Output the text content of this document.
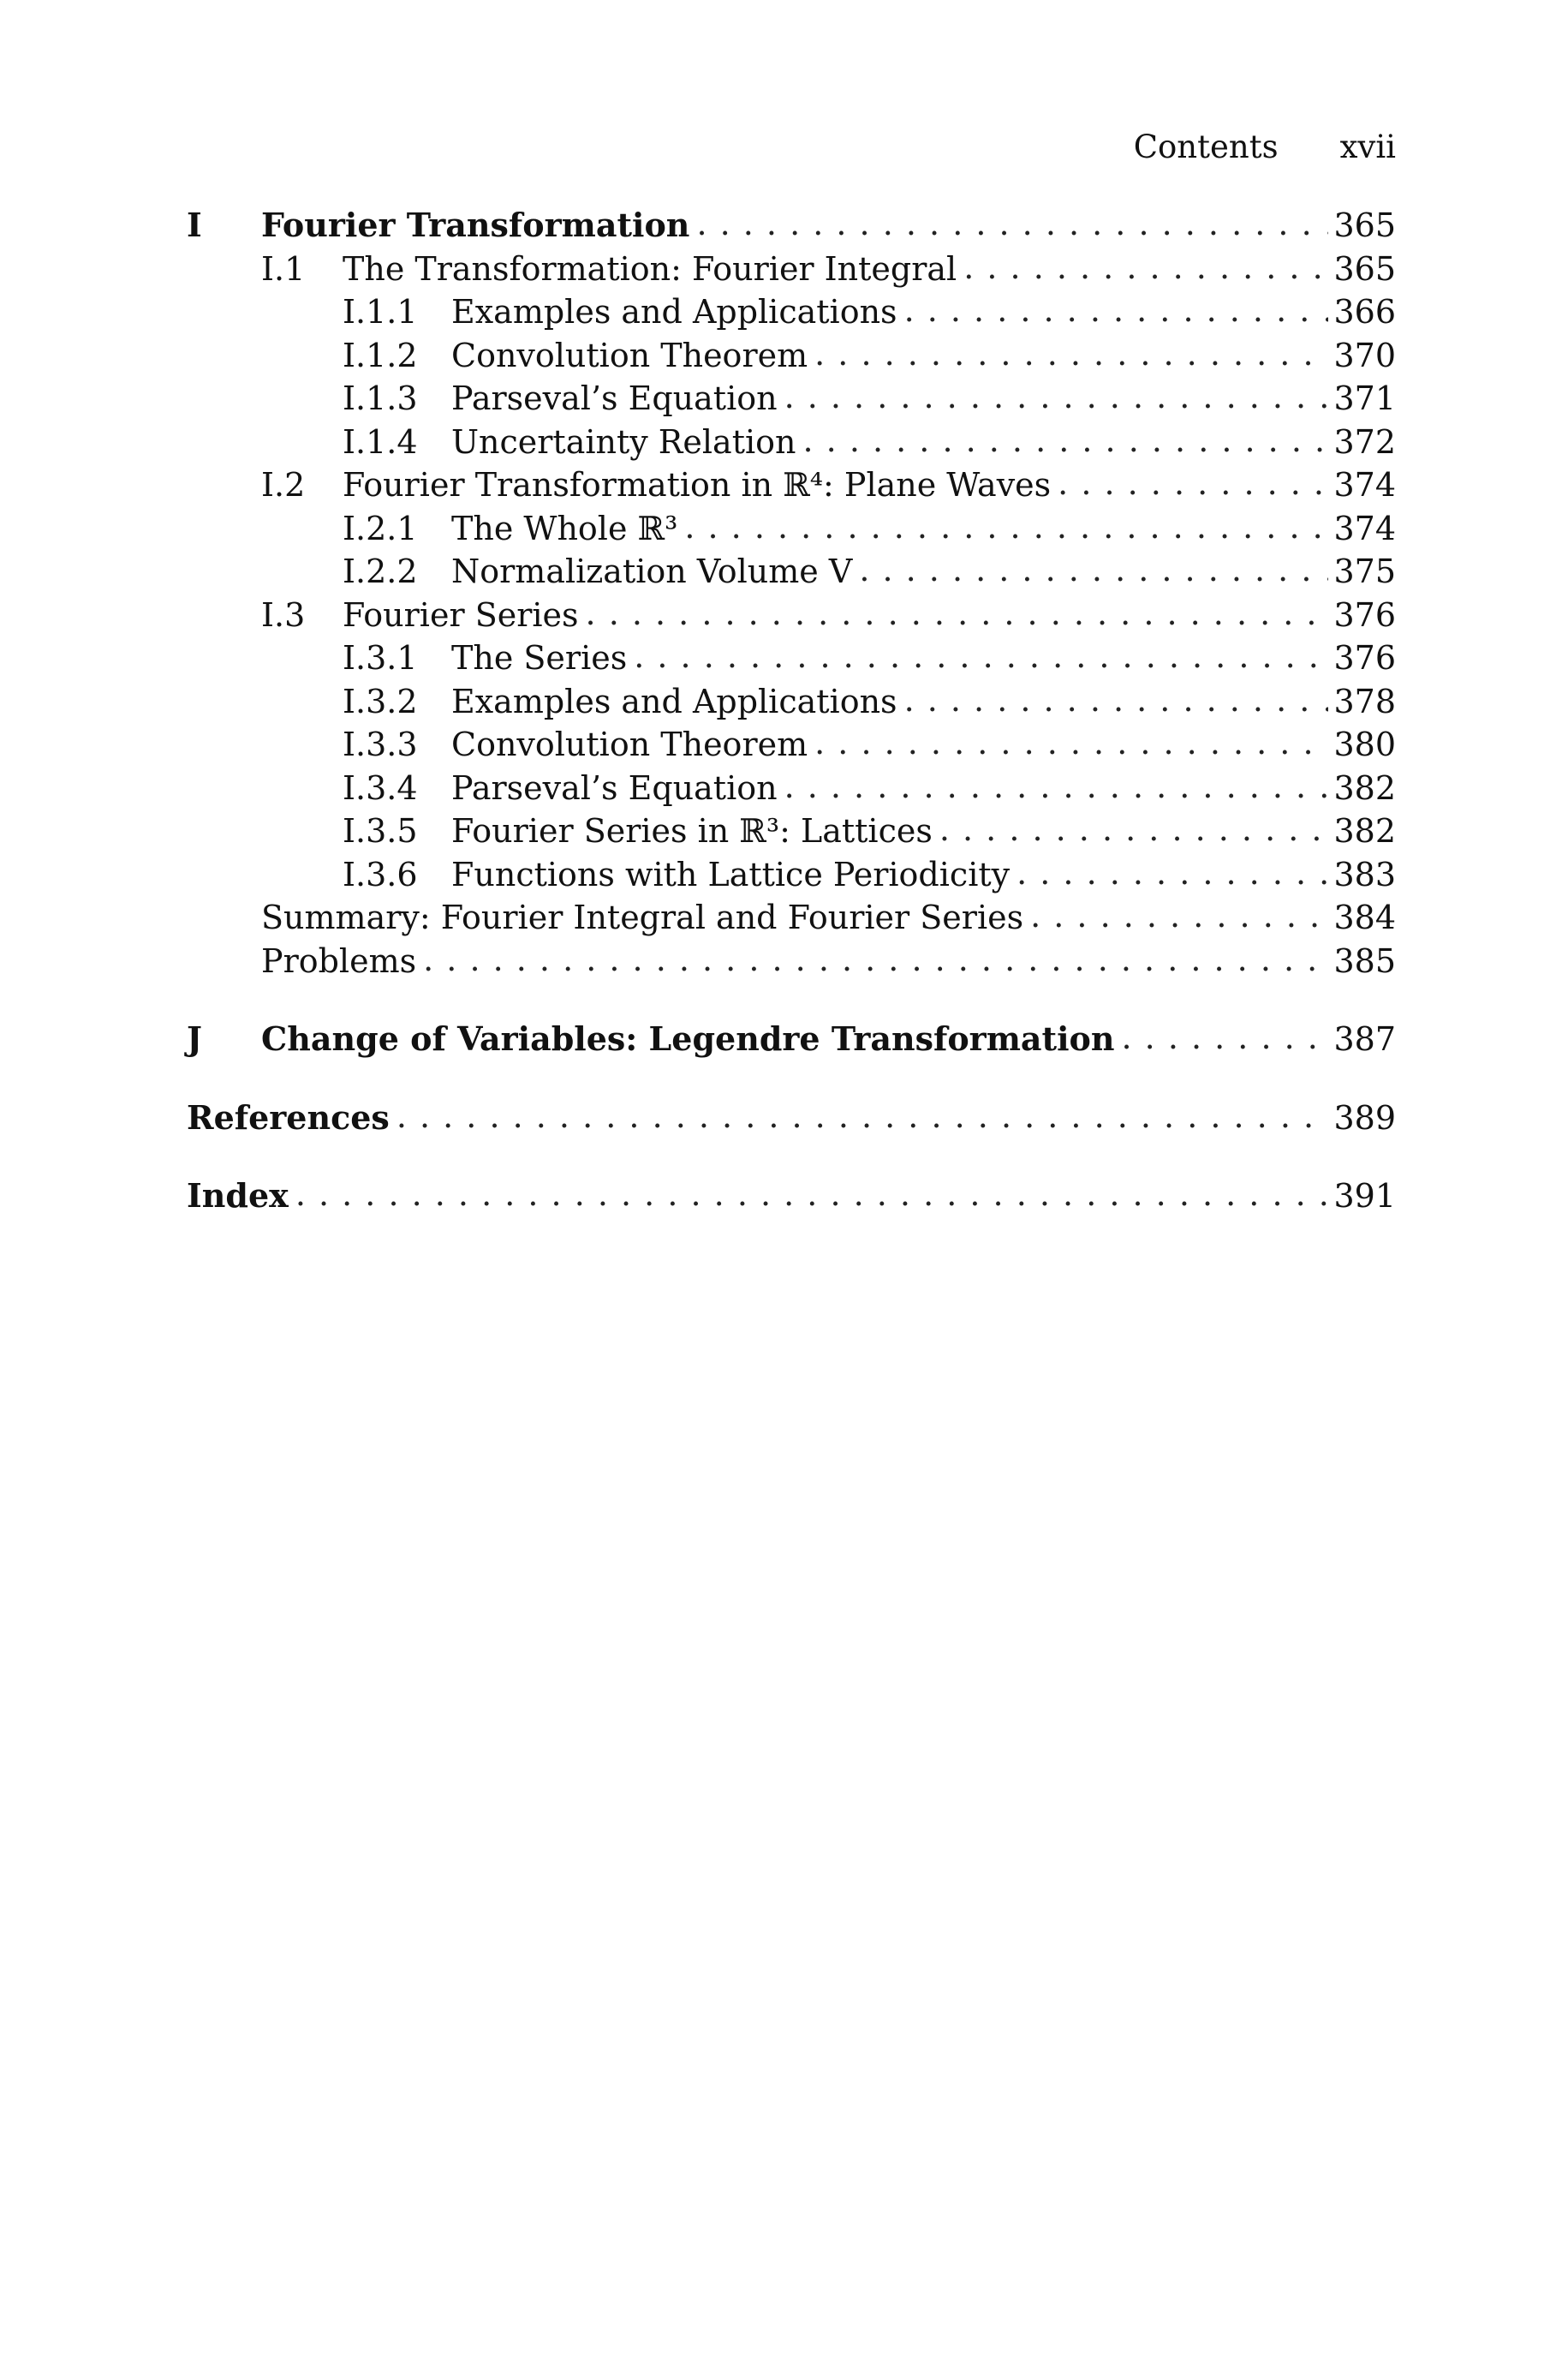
Contents xvii
I	Fourier Transformation . . .	365
I.1	The Transformation: Fourier Integral . . .	365
I.1.1	Examples and Applications . . .	366
I.1.2	Convolution Theorem . . .	370
I.1.3	Parseval’s Equation . . .	371
I.1.4	Uncertainty Relation . . .	372
I.2	Fourier Transformation in ℝ⁴: Plane Waves . . .	374
I.2.1	The Whole ℝ³ . . .	374
I.2.2	Normalization Volume V . . .	375
I.3	Fourier Series . . .	376
I.3.1	The Series . . .	376
I.3.2	Examples and Applications . . .	378
I.3.3	Convolution Theorem . . .	380
I.3.4	Parseval’s Equation . . .	382
I.3.5	Fourier Series in ℝ³: Lattices . . .	382
I.3.6	Functions with Lattice Periodicity . . .	383
Summary: Fourier Integral and Fourier Series . . .	384
Problems . . .	385
J	Change of Variables: Legendre Transformation . . .	387
References . . .	389
Index . . .	391
